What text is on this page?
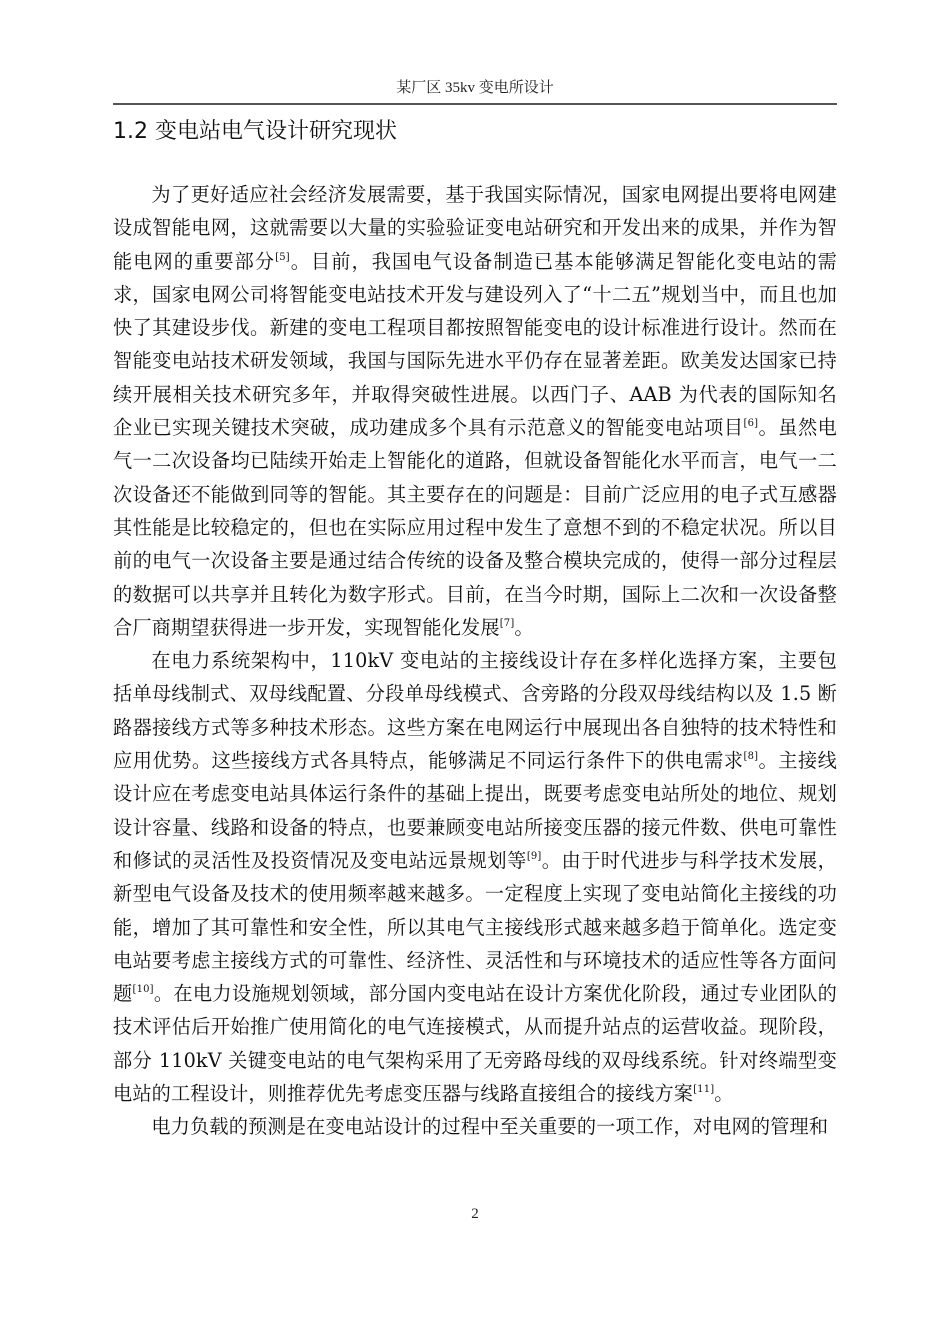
某厂区 35kv 变电所设计
1.2 变电站电气设计研究现状

为了更好适应社会经济发展需要，基于我国实际情况，国家电网提出要将电网建设成智能电网，这就需要以大量的实验验证变电站研究和开发出来的成果，并作为智能电网的重要部分[5]。目前，我国电气设备制造已基本能够满足智能化变电站的需求，国家电网公司将智能变电站技术开发与建设列入了“十二五”规划当中，而且也加快了其建设步伐。新建的变电工程项目都按照智能变电的设计标准进行设计。然而在智能变电站技术研发领域，我国与国际先进水平仍存在显著差距。欧美发达国家已持续开展相关技术研究多年，并取得突破性进展。以西门子、AAB 为代表的国际知名企业已实现关键技术突破，成功建成多个具有示范意义的智能变电站项目[6]。虽然电气一二次设备均已陆续开始走上智能化的道路，但就设备智能化水平而言，电气一二次设备还不能做到同等的智能。其主要存在的问题是：目前广泛应用的电子式互感器其性能是比较稳定的，但也在实际应用过程中发生了意想不到的不稳定状况。所以目前的电气一次设备主要是通过结合传统的设备及整合模块完成的，使得一部分过程层的数据可以共享并且转化为数字形式。目前，在当今时期，国际上二次和一次设备整合厂商期望获得进一步开发，实现智能化发展[7]。

在电力系统架构中，110kV 变电站的主接线设计存在多样化选择方案，主要包括单母线制式、双母线配置、分段单母线模式、含旁路的分段双母线结构以及 1.5 断路器接线方式等多种技术形态。这些方案在电网运行中展现出各自独特的技术特性和应用优势。这些接线方式各具特点，能够满足不同运行条件下的供电需求[8]。主接线设计应在考虑变电站具体运行条件的基础上提出，既要考虑变电站所处的地位、规划设计容量、线路和设备的特点，也要兼顾变电站所接变压器的接元件数、供电可靠性和修试的灵活性及投资情况及变电站远景规划等[9]。由于时代进步与科学技术发展，新型电气设备及技术的使用频率越来越多。一定程度上实现了变电站简化主接线的功能，增加了其可靠性和安全性，所以其电气主接线形式越来越多趋于简单化。选定变电站要考虑主接线方式的可靠性、经济性、灵活性和与环境技术的适应性等各方面问题[10]。在电力设施规划领域，部分国内变电站在设计方案优化阶段，通过专业团队的技术评估后开始推广使用简化的电气连接模式，从而提升站点的运营收益。现阶段，部分 110kV 关键变电站的电气架构采用了无旁路母线的双母线系统。针对终端型变电站的工程设计，则推荐优先考虑变压器与线路直接组合的接线方案[11]。

电力负载的预测是在变电站设计的过程中至关重要的一项工作，对电网的管理和

2
